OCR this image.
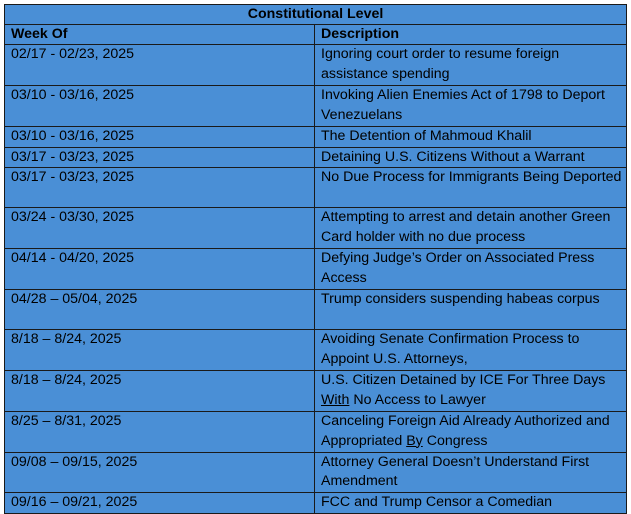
Constitutional Level	
Week Of	Description
02/17 - 02/23, 2025	Ignoring court order to resume foreign assistance spending
03/10 - 03/16, 2025	Invoking Alien Enemies Act of 1798 to Deport Venezuelans
03/10 - 03/16, 2025	The Detention of Mahmoud Khalil
03/17 - 03/23, 2025	Detaining U.S. Citizens Without a Warrant
03/17 - 03/23, 2025	No Due Process for Immigrants Being Deported
03/24 - 03/30, 2025	Attempting to arrest and detain another Green Card holder with no due process
04/14 - 04/20, 2025	Defying Judge’s Order on Associated Press Access
04/28 – 05/04, 2025	Trump considers suspending habeas corpus
8/18 – 8/24, 2025	Avoiding Senate Confirmation Process to Appoint U.S. Attorneys,
8/18 – 8/24, 2025	U.S. Citizen Detained by ICE For Three Days With No Access to Lawyer
8/25 – 8/31, 2025	Canceling Foreign Aid Already Authorized and Appropriated By Congress
09/08 – 09/15, 2025	Attorney General Doesn’t Understand First Amendment
09/16 – 09/21, 2025	FCC and Trump Censor a Comedian
